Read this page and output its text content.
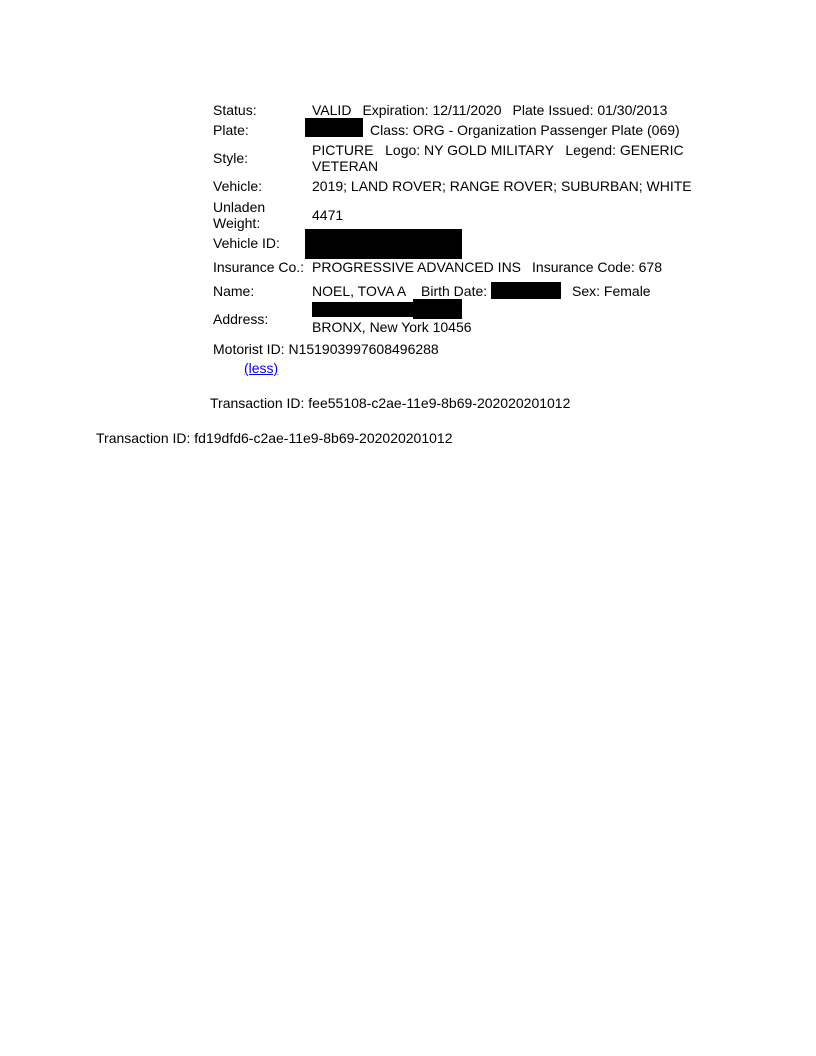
Status:	VALID Expiration: 12/11/2020 Plate Issued: 01/30/2013
Plate:	Class: ORG - Organization Passenger Plate (069)
Style:	PICTURE   Logo: NY GOLD MILITARY   Legend: GENERIC
VETERAN
Vehicle:	2019; LAND ROVER; RANGE ROVER; SUBURBAN; WHITE
Unladen
Weight:	4471
Vehicle ID:
Insurance Co.: PROGRESSIVE ADVANCED INS Insurance Code: 678
Name:	NOEL, TOVA A Birth Date:	Sex: Female
Address:	BRONX, New York 10456
Motorist ID: N151903997608496288
(less)
Transaction ID: fee55108-c2ae-11e9-8b69-202020201012
Transaction ID: fd19dfd6-c2ae-11e9-8b69-202020201012
